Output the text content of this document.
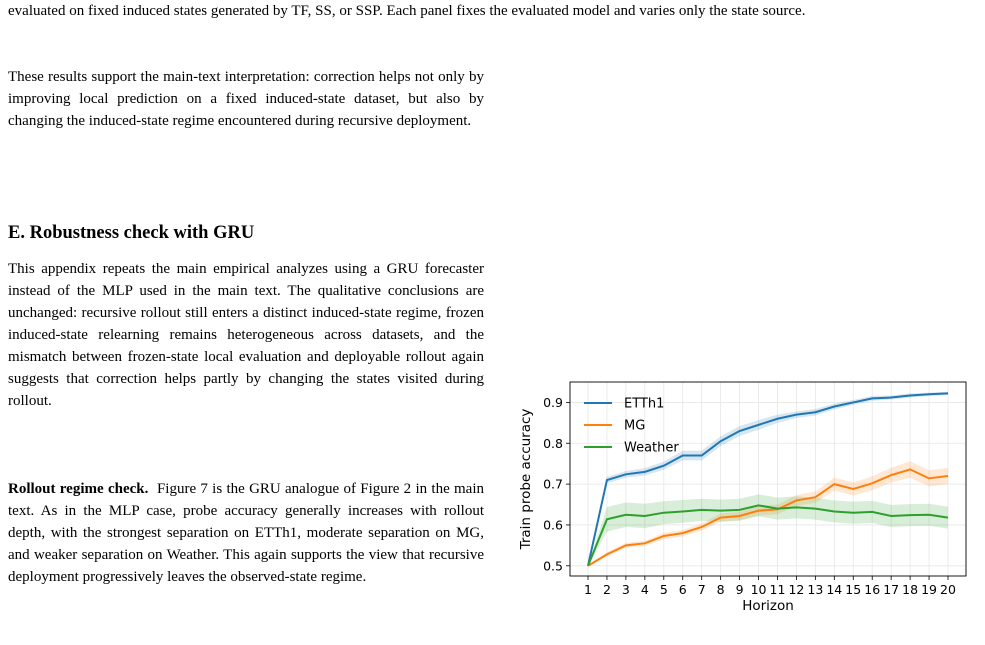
evaluated on fixed induced states generated by TF, SS, or SSP. Each panel fixes the evaluated model and varies only the state source.

These results support the main-text interpretation: correction helps not only by improving local prediction on a fixed induced-state dataset, but also by changing the induced-state regime encountered during recursive deployment.

E. Robustness check with GRU

This appendix repeats the main empirical analyzes using a GRU forecaster instead of the MLP used in the main text. The qualitative conclusions are unchanged: recursive rollout still enters a distinct induced-state regime, frozen induced-state relearning remains heterogeneous across datasets, and the mismatch between frozen-state local evaluation and deployable rollout again suggests that correction helps partly by changing the states visited during rollout.

Rollout regime check. Figure 7 is the GRU analogue of Figure 2 in the main text. As in the MLP case, probe accuracy generally increases with rollout depth, with the strongest separation on ETTh1, moderate separation on MG, and weaker separation on Weather. This again supports the view that recursive deployment progressively leaves the observed-state regime.

0.5
0.6
0.7
0.8
0.9
1 2 3 4 5 6 7 8 9 10 11 12 13 14 15 16 17 18 19 20
Horizon
Train probe accuracy
ETTh1
MG
Weather
